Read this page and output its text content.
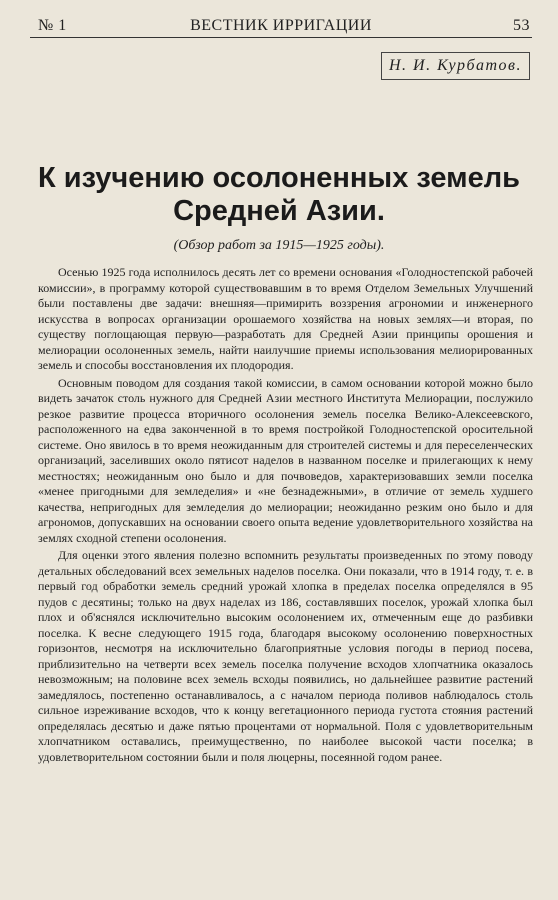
№ 1	ВЕСТНИК ИРРИГАЦИИ	53
Н. И. Курбатов.
К изучению осолоненных земель
Средней Азии.
(Обзор работ за 1915—1925 годы).

Осенью 1925 года исполнилось десять лет со времени основания «Голодностепской рабочей комиссии», в программу которой существовавшим в то время Отделом Земельных Улучшений были поставлены две задачи: внешняя—примирить воззрения агрономии и инженерного искусства в вопросах организации орошаемого хозяйства на новых землях—и вторая, по существу поглощающая первую—разработать для Средней Азии принципы орошения и мелиорации осолоненных земель, найти наилучшие приемы использования мелиорированных земель и способы восстановления их плодородия.

Основным поводом для создания такой комиссии, в самом основании которой можно было видеть зачаток столь нужного для Средней Азии местного Института Мелиорации, послужило резкое развитие процесса вторичного осолонения земель поселка Велико-Алексеевского, расположенного на едва законченной в то время постройкой Голодностепской оросительной системе. Оно явилось в то время неожиданным для строителей системы и для переселенческих организаций, заселивших около пятисот наделов в названном поселке и прилегающих к нему местностях; неожиданным оно было и для почвоведов, характеризовавших земли поселка «менее пригодными для земледелия» и «не безнадежными», в отличие от земель худшего качества, непригодных для земледелия до мелиорации; неожиданно резким оно было и для агрономов, допускавших на основании своего опыта ведение удовлетворительного хозяйства на землях сходной степени осолонения.

Для оценки этого явления полезно вспомнить результаты произведенных по этому поводу детальных обследований всех земельных наделов поселка. Они показали, что в 1914 году, т. е. в первый год обработки земель средний урожай хлопка в пределах поселка определялся в 95 пудов с десятины; только на двух наделах из 186, составлявших поселок, урожай хлопка был плох и об'яснялся исключительно высоким осолонением их, отмеченным еще до разбивки поселка. К весне следующего 1915 года, благодаря высокому осолонению поверхностных горизонтов, несмотря на исключительно благоприятные условия погоды в период посева, приблизительно на четверти всех земель поселка получение всходов хлопчатника оказалось невозможным; на половине всех земель всходы появились, но дальнейшее развитие растений замедлялось, постепенно останавливалось, а с началом периода поливов наблюдалось столь сильное изреживание всходов, что к концу вегетационного периода густота стояния растений определялась десятью и даже пятью процентами от нормальной. Поля с удовлетворительным хлопчатником оставались, преимущественно, по наиболее высокой части поселка; в удовлетворительном состоянии были и поля люцерны, посеянной годом ранее.
